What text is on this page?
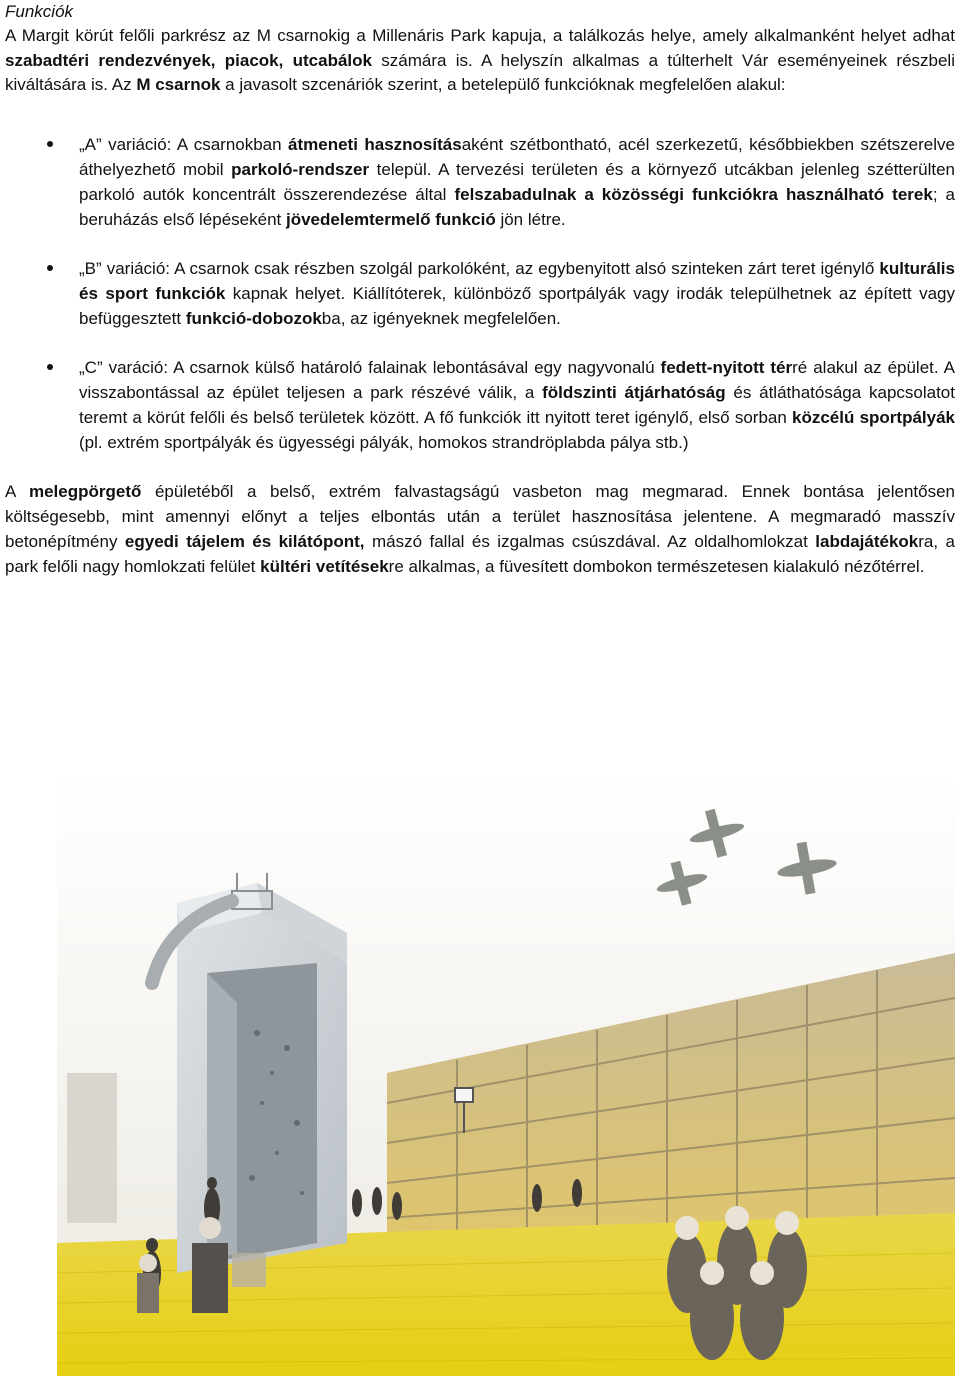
Funkciók

A Margit körút felőli parkrész az M csarnokig a Millenáris Park kapuja, a találkozás helye, amely alkalmanként helyet adhat szabadtéri rendezvények, piacok, utcabálok számára is. A helyszín alkalmas a túlterhelt Vár eseményeinek részbeli kiváltására is. Az M csarnok a javasolt szcenáriók szerint, a betelepülő funkcióknak megfelelően alakul:

„A” variáció: A csarnokban átmeneti hasznosításaként szétbontható, acél szerkezetű, későbbiekben szétszerelve áthelyezhető mobil parkoló-rendszer települ. A tervezési területen és a környező utcákban jelenleg szétterülten parkoló autók koncentrált összerendezése által felszabadulnak a közösségi funkciókra használható terek; a beruházás első lépéseként jövedelemtermelő funkció jön létre.
„B” variáció: A csarnok csak részben szolgál parkolóként, az egybenyitott alsó szinteken zárt teret igénylő kulturális és sport funkciók kapnak helyet. Kiállítóterek, különböző sportpályák vagy irodák települhetnek az épített vagy befüggesztett funkció-dobozokba, az igényeknek megfelelően.
„C” varáció: A csarnok külső határoló falainak lebontásával egy nagyvonalú fedett-nyitott térré alakul az épület. A visszabontással az épület teljesen a park részévé válik, a földszinti átjárhatóság és átláthatósága kapcsolatot teremt a körút felőli és belső területek között. A fő funkciók itt nyitott teret igénylő, első sorban közcélú sportpályák (pl. extrém sportpályák és ügyességi pályák, homokos strandröplabda pálya stb.)

A melegpörgető épületéből a belső, extrém falvastagságú vasbeton mag megmarad. Ennek bontása jelentősen költségesebb, mint amennyi előnyt a teljes elbontás után a terület hasznosítása jelentene. A megmaradó masszív betonépítmény egyedi tájelem és kilátópont, mászó fallal és izgalmas csúszdával. Az oldalhomlokzat labdajátékokra, a park felőli nagy homlokzati felület kültéri vetítésekre alkalmas, a füvesített dombokon természetesen kialakuló nézőtérrel.
